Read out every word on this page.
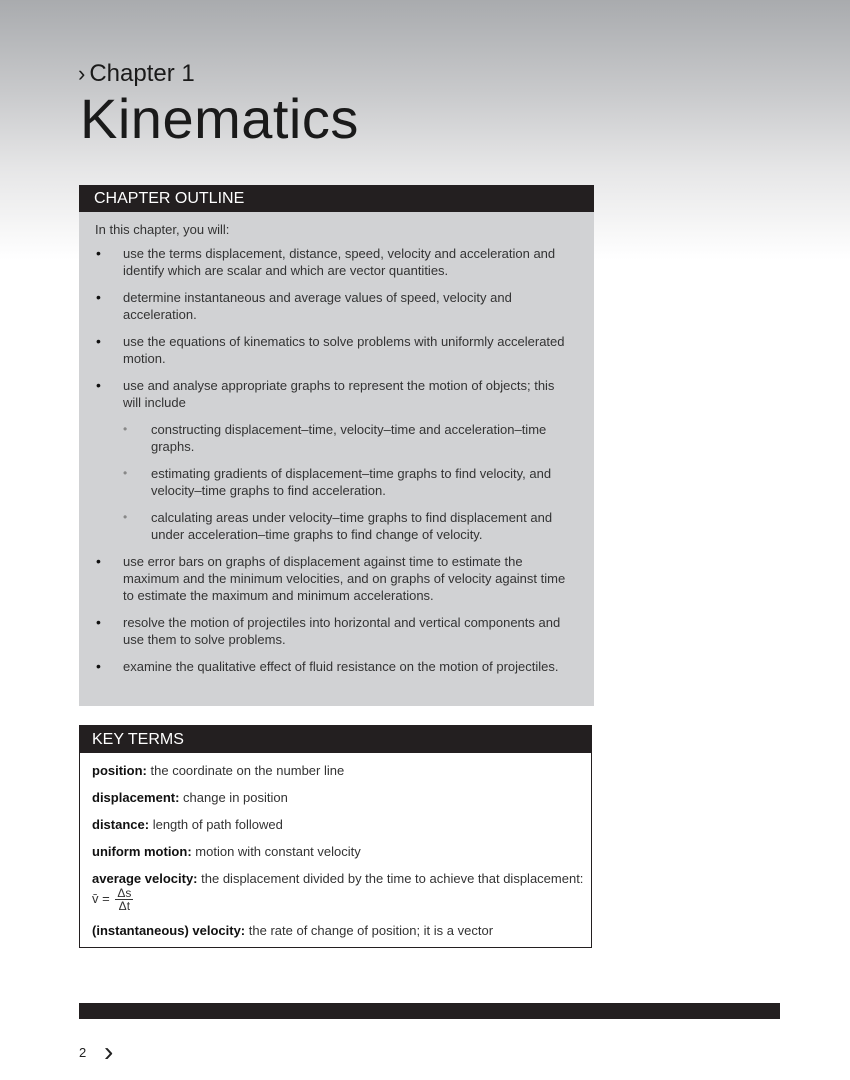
› Chapter 1
Kinematics
CHAPTER OUTLINE
In this chapter, you will:
• use the terms displacement, distance, speed, velocity and acceleration and identify which are scalar and which are vector quantities.
• determine instantaneous and average values of speed, velocity and acceleration.
• use the equations of kinematics to solve problems with uniformly accelerated motion.
• use and analyse appropriate graphs to represent the motion of objects; this will include
• constructing displacement–time, velocity–time and acceleration–time graphs.
• estimating gradients of displacement–time graphs to find velocity, and velocity–time graphs to find acceleration.
• calculating areas under velocity–time graphs to find displacement and under acceleration–time graphs to find change of velocity.
• use error bars on graphs of displacement against time to estimate the maximum and the minimum velocities, and on graphs of velocity against time to estimate the maximum and minimum accelerations.
• resolve the motion of projectiles into horizontal and vertical components and use them to solve problems.
• examine the qualitative effect of fluid resistance on the motion of projectiles.
KEY TERMS
position: the coordinate on the number line
displacement: change in position
distance: length of path followed
uniform motion: motion with constant velocity
average velocity: the displacement divided by the time to achieve that displacement: v̄ = $\frac{\Delta s}{\Delta t}$
(instantaneous) velocity: the rate of change of position; it is a vector
2 ›
